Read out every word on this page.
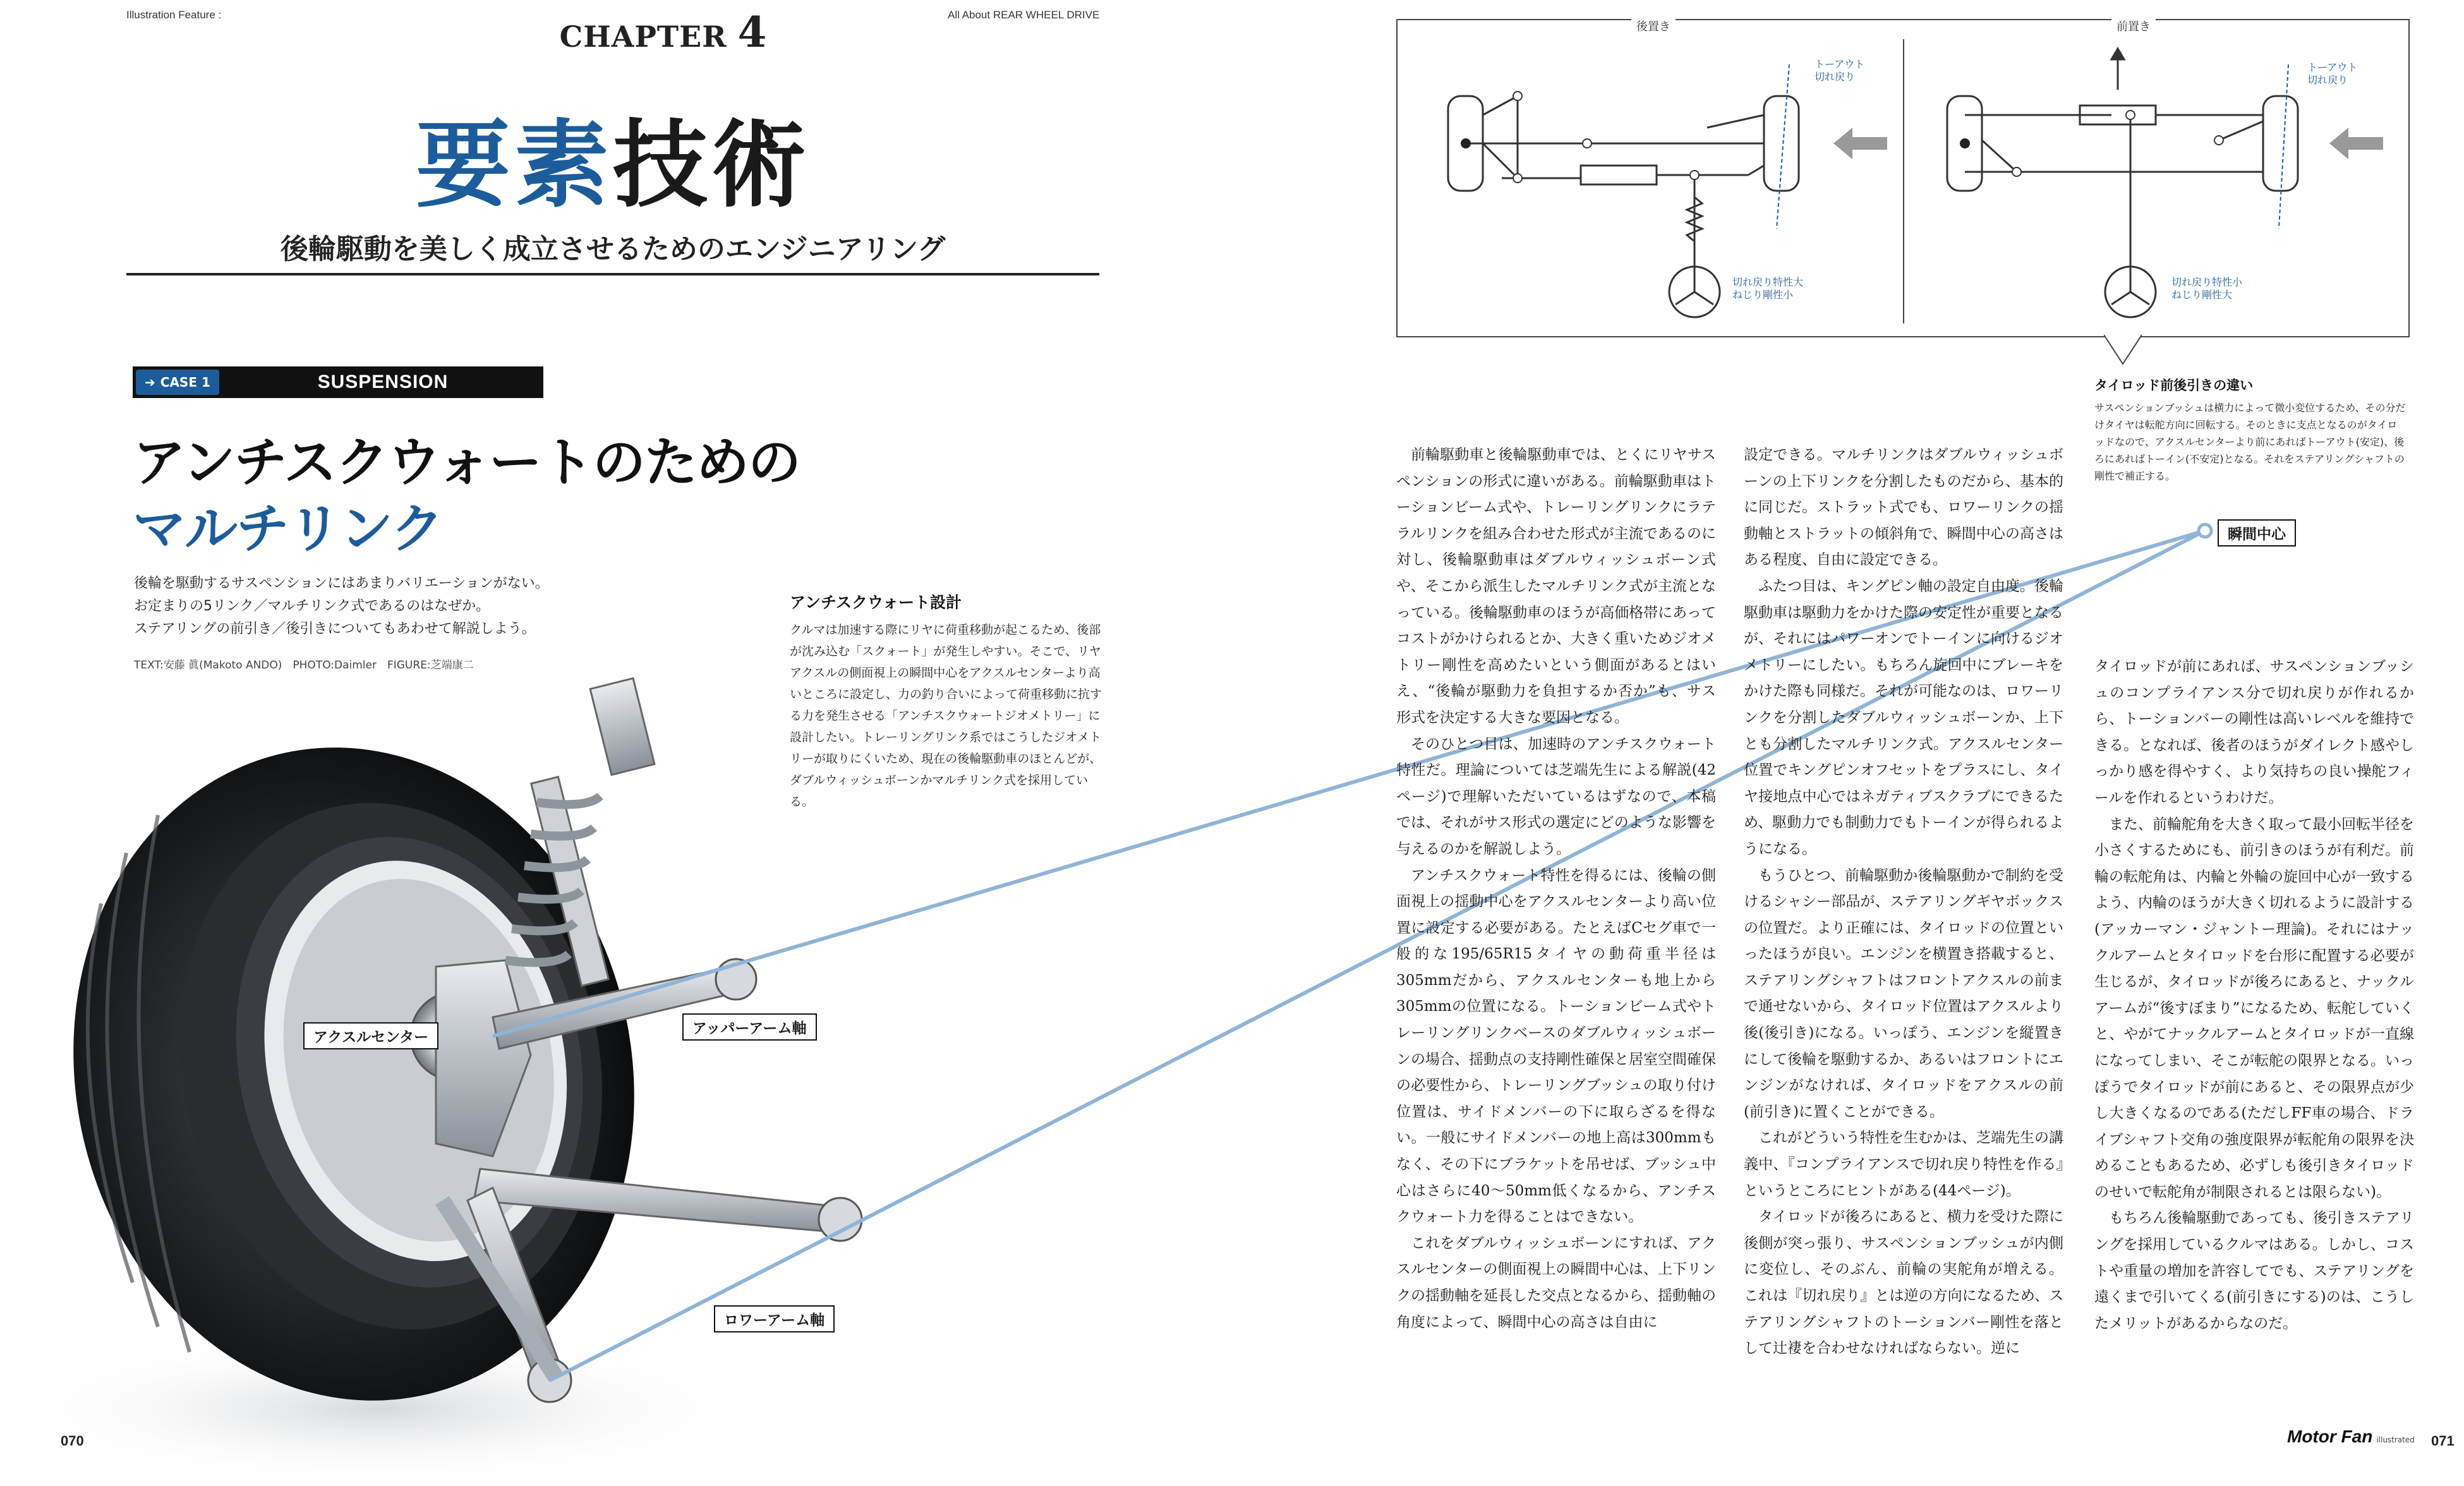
Illustration Feature :	All About REAR WHEEL DRIVE
CHAPTER 4
要素技術
後輪駆動を美しく成立させるためのエンジニアリング
➔ CASE 1	SUSPENSION
アンチスクウォートのための
マルチリンク
後輪を駆動するサスペンションにはあまりバリエーションがない。
お定まりの5リンク／マルチリンク式であるのはなぜか。
ステアリングの前引き／後引きについてもあわせて解説しよう。
TEXT:安藤 眞(Makoto ANDO)　PHOTO:Daimler　FIGURE:芝端康二
アンチスクウォート設計
クルマは加速する際にリヤに荷重移動が起こるため、後部が沈み込む「スクォート」が発生しやすい。そこで、リヤアクスルの側面視上の瞬間中心をアクスルセンターより高いところに設定し、力の釣り合いによって荷重移動に抗する力を発生させる「アンチスクウォートジオメトリー」に設計したい。トレーリングリンク系ではこうしたジオメトリーが取りにくいため、現在の後輪駆動車のほとんどが、ダブルウィッシュボーンかマルチリンク式を採用している。
アクスルセンター
アッパーアーム軸
ロワーアーム軸
瞬間中心
後置き	前置き
トーアウト
切れ戻り
トーアウト
切れ戻り
切れ戻り特性大
ねじり剛性小
切れ戻り特性小
ねじり剛性大
タイロッド前後引きの違い
サスペンションブッシュは横力によって微小変位するため、その分だけタイヤは転舵方向に回転する。そのときに支点となるのがタイロッドなので、アクスルセンターより前にあればトーアウト(安定)、後ろにあればトーイン(不安定)となる。それをステアリングシャフトの剛性で補正する。

前輪駆動車と後輪駆動車では、とくにリヤサスペンションの形式に違いがある。前輪駆動車はトーションビーム式や、トレーリングリンクにラテラルリンクを組み合わせた形式が主流であるのに対し、後輪駆動車はダブルウィッシュボーン式や、そこから派生したマルチリンク式が主流となっている。後輪駆動車のほうが高価格帯にあってコストがかけられるとか、大きく重いためジオメトリー剛性を高めたいという側面があるとはいえ、“後輪が駆動力を負担するか否か”も、サス形式を決定する大きな要因となる。

そのひとつ目は、加速時のアンチスクウォート特性だ。理論については芝端先生による解説(42ページ)で理解いただいているはずなので、本稿では、それがサス形式の選定にどのような影響を与えるのかを解説しよう。

アンチスクウォート特性を得るには、後輪の側面視上の揺動中心をアクスルセンターより高い位置に設定する必要がある。たとえばCセグ車で一般的な195/65R15タイヤの動荷重半径は305mmだから、アクスルセンターも地上から305mmの位置になる。トーションビーム式やトレーリングリンクベースのダブルウィッシュボーンの場合、揺動点の支持剛性確保と居室空間確保の必要性から、トレーリングブッシュの取り付け位置は、サイドメンバーの下に取らざるを得ない。一般にサイドメンバーの地上高は300mmもなく、その下にブラケットを吊せば、ブッシュ中心はさらに40〜50mm低くなるから、アンチスクウォート力を得ることはできない。

これをダブルウィッシュボーンにすれば、アクスルセンターの側面視上の瞬間中心は、上下リンクの揺動軸を延長した交点となるから、揺動軸の角度によって、瞬間中心の高さは自由に

設定できる。マルチリンクはダブルウィッシュボーンの上下リンクを分割したものだから、基本的に同じだ。ストラット式でも、ロワーリンクの揺動軸とストラットの傾斜角で、瞬間中心の高さはある程度、自由に設定できる。

ふたつ目は、キングピン軸の設定自由度。後輪駆動車は駆動力をかけた際の安定性が重要となるが、それにはパワーオンでトーインに向けるジオメトリーにしたい。もちろん旋回中にブレーキをかけた際も同様だ。それが可能なのは、ロワーリンクを分割したダブルウィッシュボーンか、上下とも分割したマルチリンク式。アクスルセンター位置でキングピンオフセットをプラスにし、タイヤ接地点中心ではネガティブスクラブにできるため、駆動力でも制動力でもトーインが得られるようになる。

もうひとつ、前輪駆動か後輪駆動かで制約を受けるシャシー部品が、ステアリングギヤボックスの位置だ。より正確には、タイロッドの位置といったほうが良い。エンジンを横置き搭載すると、ステアリングシャフトはフロントアクスルの前まで通せないから、タイロッド位置はアクスルより後(後引き)になる。いっぽう、エンジンを縦置きにして後輪を駆動するか、あるいはフロントにエンジンがなければ、タイロッドをアクスルの前(前引き)に置くことができる。

これがどういう特性を生むかは、芝端先生の講義中、『コンプライアンスで切れ戻り特性を作る』というところにヒントがある(44ページ)。

タイロッドが後ろにあると、横力を受けた際に後側が突っ張り、サスペンションブッシュが内側に変位し、そのぶん、前輪の実舵角が増える。これは『切れ戻り』とは逆の方向になるため、ステアリングシャフトのトーションバー剛性を落として辻褄を合わせなければならない。逆に

タイロッドが前にあれば、サスペンションブッシュのコンプライアンス分で切れ戻りが作れるから、トーションバーの剛性は高いレベルを維持できる。となれば、後者のほうがダイレクト感やしっかり感を得やすく、より気持ちの良い操舵フィールを作れるというわけだ。

また、前輪舵角を大きく取って最小回転半径を小さくするためにも、前引きのほうが有利だ。前輪の転舵角は、内輪と外輪の旋回中心が一致するよう、内輪のほうが大きく切れるように設計する(アッカーマン・ジャントー理論)。それにはナックルアームとタイロッドを台形に配置する必要が生じるが、タイロッドが後ろにあると、ナックルアームが“後すぼまり”になるため、転舵していくと、やがてナックルアームとタイロッドが一直線になってしまい、そこが転舵の限界となる。いっぽうでタイロッドが前にあると、その限界点が少し大きくなるのである(ただしFF車の場合、ドライブシャフト交角の強度限界が転舵角の限界を決めることもあるため、必ずしも後引きタイロッドのせいで転舵角が制限されるとは限らない)。

もちろん後輪駆動であっても、後引きステアリングを採用しているクルマはある。しかし、コストや重量の増加を許容してでも、ステアリングを遠くまで引いてくる(前引きにする)のは、こうしたメリットがあるからなのだ。

070	Motor Fan illustrated 071
